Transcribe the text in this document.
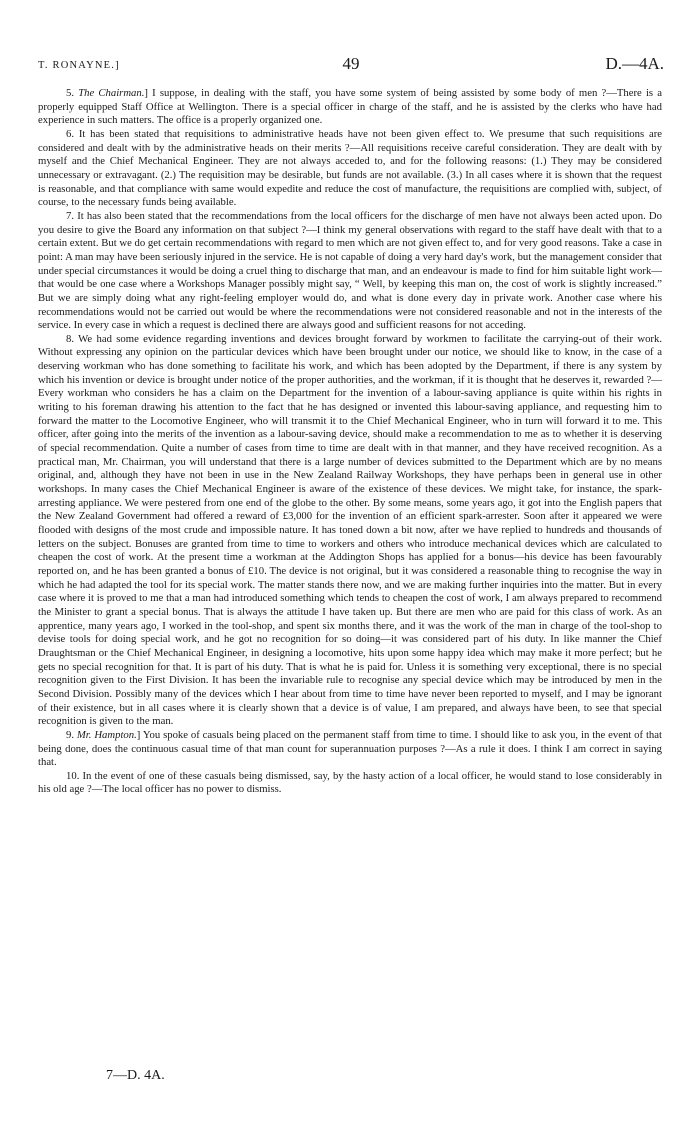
T. RONAYNE.]	49	D.—4A.

5. The Chairman.] I suppose, in dealing with the staff, you have some system of being assisted by some body of men ?—There is a properly equipped Staff Office at Wellington. There is a special officer in charge of the staff, and he is assisted by the clerks who have had experience in such matters. The office is a properly organized one.

6. It has been stated that requisitions to administrative heads have not been given effect to. We presume that such requisitions are considered and dealt with by the administrative heads on their merits ?—All requisitions receive careful consideration. They are dealt with by myself and the Chief Mechanical Engineer. They are not always acceded to, and for the following reasons: (1.) They may be considered unnecessary or extravagant. (2.) The requisition may be desirable, but funds are not available. (3.) In all cases where it is shown that the request is reasonable, and that compliance with same would expedite and reduce the cost of manufacture, the requisitions are complied with, subject, of course, to the necessary funds being available.

7. It has also been stated that the recommendations from the local officers for the discharge of men have not always been acted upon. Do you desire to give the Board any information on that subject ?—I think my general observations with regard to the staff have dealt with that to a certain extent. But we do get certain recommendations with regard to men which are not given effect to, and for very good reasons. Take a case in point: A man may have been seriously injured in the service. He is not capable of doing a very hard day's work, but the management consider that under special circumstances it would be doing a cruel thing to discharge that man, and an endeavour is made to find for him suitable light work—that would be one case where a Workshops Manager possibly might say, “ Well, by keeping this man on, the cost of work is slightly increased.” But we are simply doing what any right-feeling employer would do, and what is done every day in private work. Another case where his recommendations would not be carried out would be where the recommendations were not considered reasonable and not in the interests of the service. In every case in which a request is declined there are always good and sufficient reasons for not acceding.

8. We had some evidence regarding inventions and devices brought forward by workmen to facilitate the carrying-out of their work. Without expressing any opinion on the particular devices which have been brought under our notice, we should like to know, in the case of a deserving workman who has done something to facilitate his work, and which has been adopted by the Department, if there is any system by which his invention or device is brought under notice of the proper authorities, and the workman, if it is thought that he deserves it, rewarded ?—Every workman who considers he has a claim on the Department for the invention of a labour-saving appliance is quite within his rights in writing to his foreman drawing his attention to the fact that he has designed or invented this labour-saving appliance, and requesting him to forward the matter to the Locomotive Engineer, who will transmit it to the Chief Mechanical Engineer, who in turn will forward it to me. This officer, after going into the merits of the invention as a labour-saving device, should make a recommendation to me as to whether it is deserving of special recommendation. Quite a number of cases from time to time are dealt with in that manner, and they have received recognition. As a practical man, Mr. Chairman, you will understand that there is a large number of devices submitted to the Department which are by no means original, and, although they have not been in use in the New Zealand Railway Workshops, they have perhaps been in general use in other workshops. In many cases the Chief Mechanical Engineer is aware of the existence of these devices. We might take, for instance, the spark-arresting appliance. We were pestered from one end of the globe to the other. By some means, some years ago, it got into the English papers that the New Zealand Government had offered a reward of £3,000 for the invention of an efficient spark-arrester. Soon after it appeared we were flooded with designs of the most crude and impossible nature. It has toned down a bit now, after we have replied to hundreds and thousands of letters on the subject. Bonuses are granted from time to time to workers and others who introduce mechanical devices which are calculated to cheapen the cost of work. At the present time a workman at the Addington Shops has applied for a bonus—his device has been favourably reported on, and he has been granted a bonus of £10. The device is not original, but it was considered a reasonable thing to recognise the way in which he had adapted the tool for its special work. The matter stands there now, and we are making further inquiries into the matter. But in every case where it is proved to me that a man had introduced something which tends to cheapen the cost of work, I am always prepared to recommend the Minister to grant a special bonus. That is always the attitude I have taken up. But there are men who are paid for this class of work. As an apprentice, many years ago, I worked in the tool-shop, and spent six months there, and it was the work of the man in charge of the tool-shop to devise tools for doing special work, and he got no recognition for so doing—it was considered part of his duty. In like manner the Chief Draughtsman or the Chief Mechanical Engineer, in designing a locomotive, hits upon some happy idea which may make it more perfect; but he gets no special recognition for that. It is part of his duty. That is what he is paid for. Unless it is something very exceptional, there is no special recognition given to the First Division. It has been the invariable rule to recognise any special device which may be introduced by men in the Second Division. Possibly many of the devices which I hear about from time to time have never been reported to myself, and I may be ignorant of their existence, but in all cases where it is clearly shown that a device is of value, I am prepared, and always have been, to see that special recognition is given to the man.

9. Mr. Hampton.] You spoke of casuals being placed on the permanent staff from time to time. I should like to ask you, in the event of that being done, does the continuous casual time of that man count for superannuation purposes ?—As a rule it does. I think I am correct in saying that.

10. In the event of one of these casuals being dismissed, say, by the hasty action of a local officer, he would stand to lose considerably in his old age ?—The local officer has no power to dismiss.

7—D. 4A.
